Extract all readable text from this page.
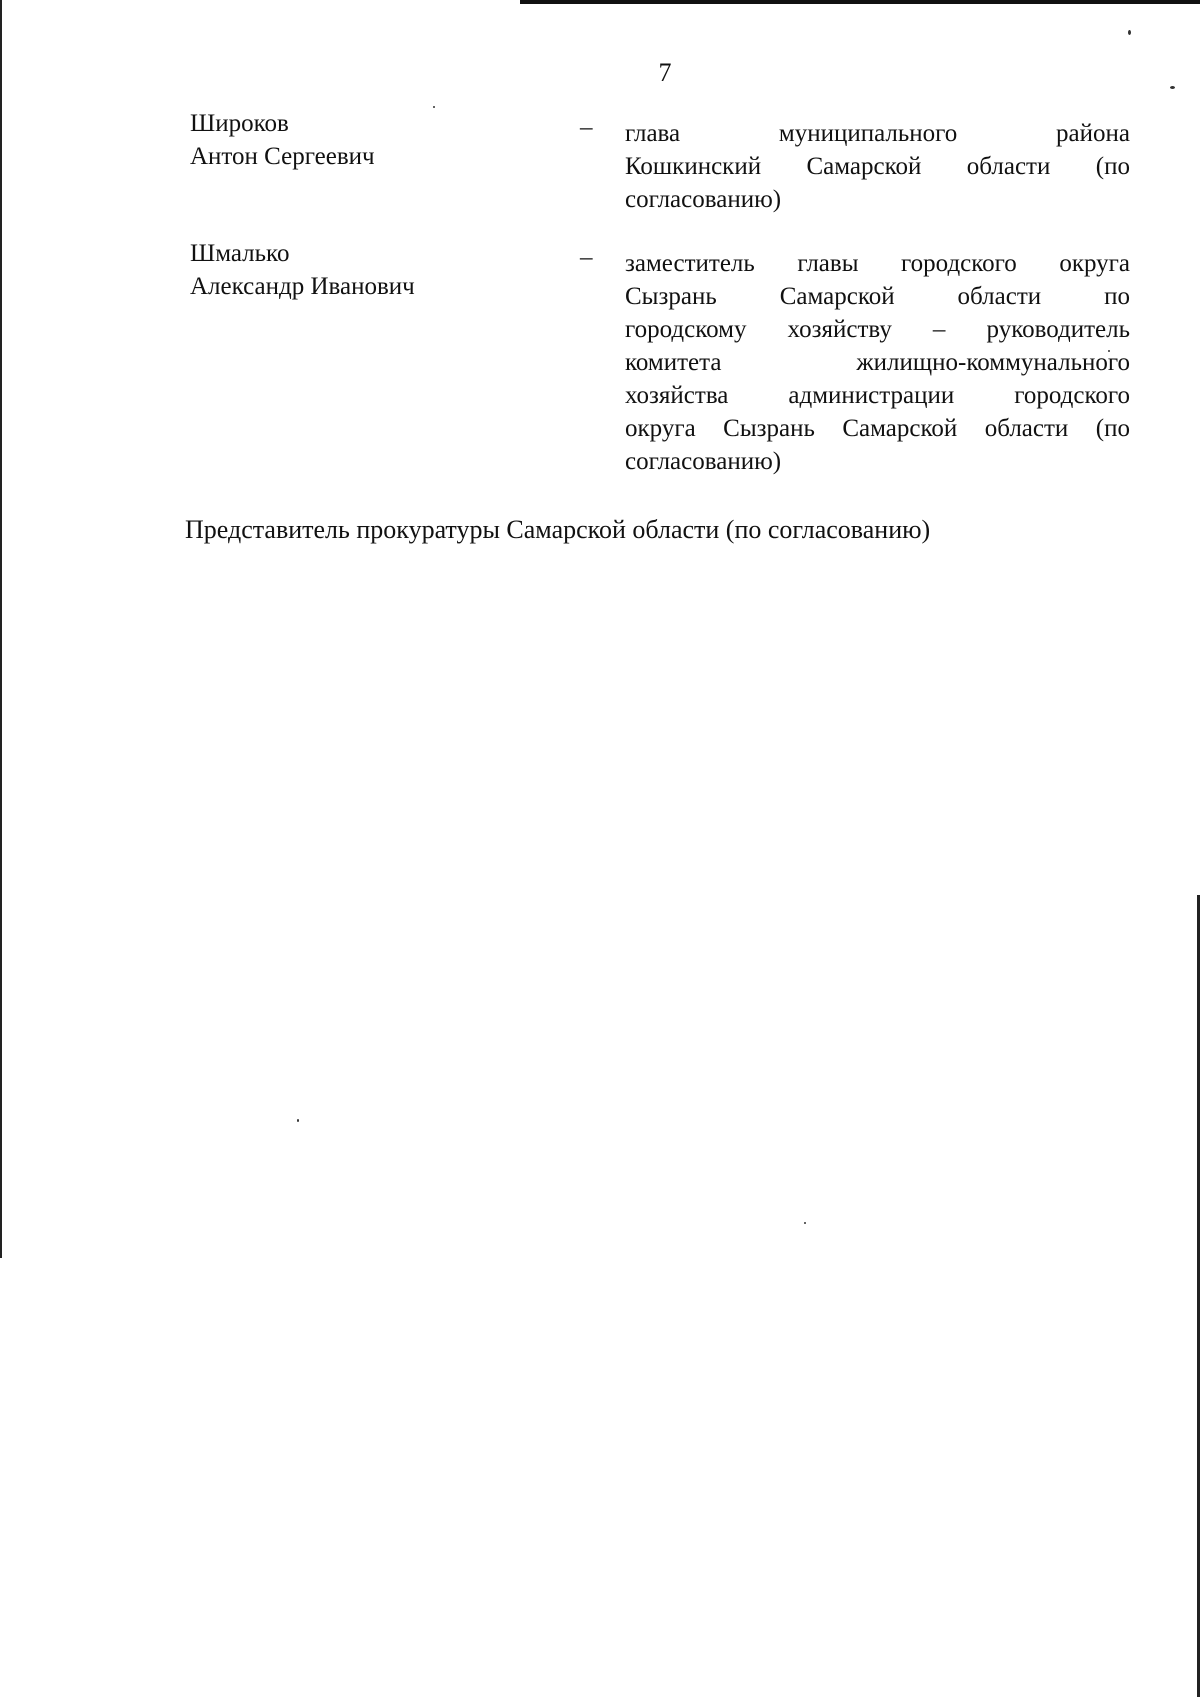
7
Широков
Антон Сергеевич
– глава муниципального района
Кошкинский Самарской области (по
согласованию)
Шмалько
Александр Иванович
– заместитель главы городского округа
Сызрань Самарской области по
городскому хозяйству – руководитель
комитета жилищно-коммунального
хозяйства администрации городского
округа Сызрань Самарской области (по
согласованию)
Представитель прокуратуры Самарской области (по согласованию)
